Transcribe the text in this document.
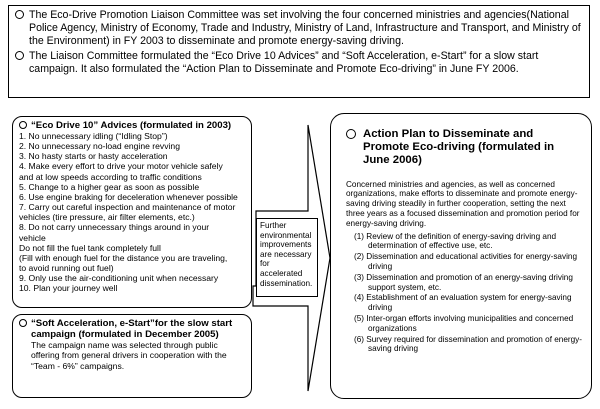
The Eco-Drive Promotion Liaison Committee was set involving the four concerned ministries and agencies(National Police Agency, Ministry of Economy, Trade and Industry, Ministry of Land, Infrastructure and Transport, and Ministry of the Environment) in FY 2003 to disseminate and promote energy-saving driving.
The Liaison Committee formulated the “Eco Drive 10 Advices” and “Soft Acceleration, e-Start” for a slow start campaign. It also formulated the “Action Plan to Disseminate and Promote Eco-driving” in June FY 2006.
“Eco Drive 10” Advices (formulated in 2003)
1. No unnecessary idling (“Idling Stop”)
2. No unnecessary no-load engine revving
3. No hasty starts or hasty acceleration
4. Make every effort to drive your motor vehicle safely
and at low speeds according to traffic conditions
5. Change to a higher gear as soon as possible
6. Use engine braking for deceleration whenever possible
7. Carry out careful inspection and maintenance of motor
vehicles (tire pressure, air filter elements, etc.)
8. Do not carry unnecessary things around in your
vehicle
Do not fill the fuel tank completely full
(Fill with enough fuel for the distance you are traveling,
to avoid running out fuel)
9. Only use the air-conditioning unit when necessary
10. Plan your journey well
“Soft Acceleration, e-Start”for the slow start
campaign (formulated in December 2005)
The campaign name was selected through public
offering from general drivers in cooperation with the
“Team - 6%” campaigns.
Further environmental improvements are necessary for accelerated dissemination.
Action Plan to Disseminate and
Promote Eco-driving (formulated in
June 2006)
Concerned ministries and agencies, as well as concerned organizations, make efforts to disseminate and promote energy-
saving driving steadily in further cooperation, setting the next three years as a focused dissemination and promotion period for energy-saving driving.
(1) Review of the definition of energy-saving driving and determination of effective use, etc.
(2) Dissemination and educational activities for energy-saving driving
(3) Dissemination and promotion of an energy-saving driving support system, etc.
(4) Establishment of an evaluation system for energy-saving driving
(5) Inter-organ efforts involving municipalities and concerned organizations
(6) Survey required for dissemination and promotion of energy-saving driving
